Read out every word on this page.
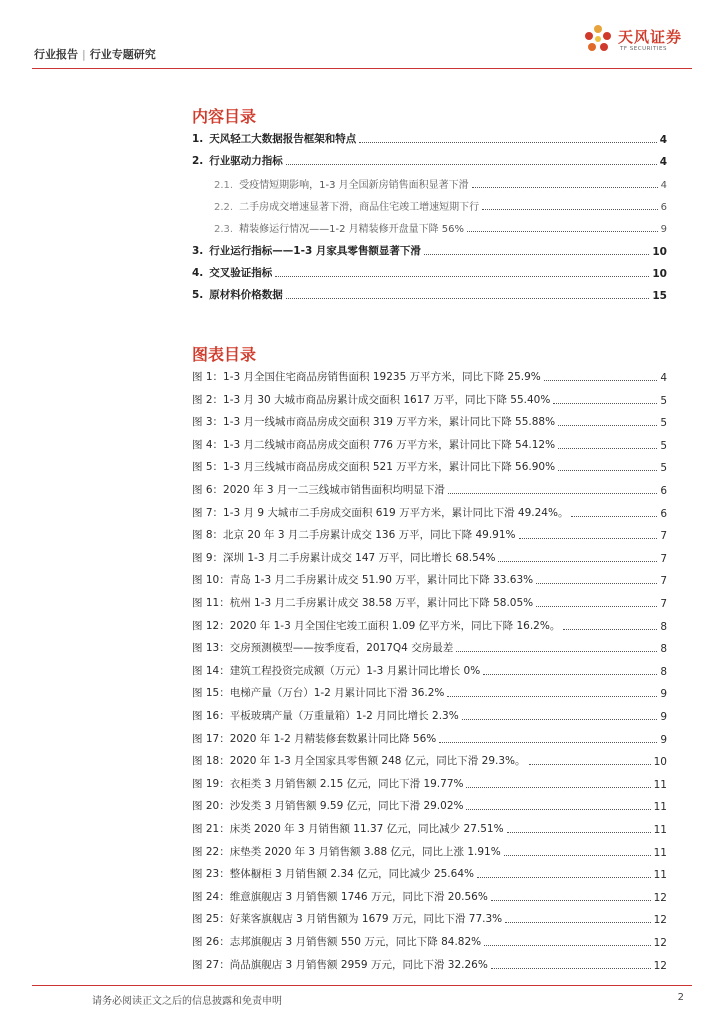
行业报告 | 行业专题研究
天风证券
TF SECURITIES
内容目录
1. 天风轻工大数据报告框架和特点	4
2. 行业驱动力指标	4
2.1. 受疫情短期影响，1-3 月全国新房销售面积显著下滑	4
2.2. 二手房成交增速显著下滑，商品住宅竣工增速短期下行	6
2.3. 精装修运行情况——1-2 月精装修开盘量下降 56%	9
3. 行业运行指标——1-3 月家具零售额显著下滑	10
4. 交叉验证指标	10
5. 原材料价格数据	15
图表目录
图 1：1-3 月全国住宅商品房销售面积 19235 万平方米，同比下降 25.9%	4
图 2：1-3 月 30 大城市商品房累计成交面积 1617 万平，同比下降 55.40%	5
图 3：1-3 月一线城市商品房成交面积 319 万平方米，累计同比下降 55.88%	5
图 4：1-3 月二线城市商品房成交面积 776 万平方米，累计同比下降 54.12%	5
图 5：1-3 月三线城市商品房成交面积 521 万平方米，累计同比下降 56.90%	5
图 6：2020 年 3 月一二三线城市销售面积均明显下滑	6
图 7：1-3 月 9 大城市二手房成交面积 619 万平方米，累计同比下滑 49.24%。	6
图 8：北京 20 年 3 月二手房累计成交 136 万平，同比下降 49.91%	7
图 9：深圳 1-3 月二手房累计成交 147 万平，同比增长 68.54%	7
图 10：青岛 1-3 月二手房累计成交 51.90 万平，累计同比下降 33.63%	7
图 11：杭州 1-3 月二手房累计成交 38.58 万平，累计同比下降 58.05%	7
图 12：2020 年 1-3 月全国住宅竣工面积 1.09 亿平方米，同比下降 16.2%。	8
图 13：交房预测模型——按季度看，2017Q4 交房最差	8
图 14：建筑工程投资完成额（万元）1-3 月累计同比增长 0%	8
图 15：电梯产量（万台）1-2 月累计同比下滑 36.2%	9
图 16：平板玻璃产量（万重量箱）1-2 月同比增长 2.3%	9
图 17：2020 年 1-2 月精装修套数累计同比降 56%	9
图 18：2020 年 1-3 月全国家具零售额 248 亿元，同比下滑 29.3%。	10
图 19：衣柜类 3 月销售额 2.15 亿元，同比下滑 19.77%	11
图 20：沙发类 3 月销售额 9.59 亿元，同比下滑 29.02%	11
图 21：床类 2020 年 3 月销售额 11.37 亿元，同比减少 27.51%	11
图 22：床垫类 2020 年 3 月销售额 3.88 亿元，同比上涨 1.91%	11
图 23：整体橱柜 3 月销售额 2.34 亿元，同比减少 25.64%	11
图 24：维意旗舰店 3 月销售额 1746 万元，同比下滑 20.56%	12
图 25：好莱客旗舰店 3 月销售额为 1679 万元，同比下滑 77.3%	12
图 26：志邦旗舰店 3 月销售额 550 万元，同比下降 84.82%	12
图 27：尚品旗舰店 3 月销售额 2959 万元，同比下滑 32.26%	12
请务必阅读正文之后的信息披露和免责申明	2
